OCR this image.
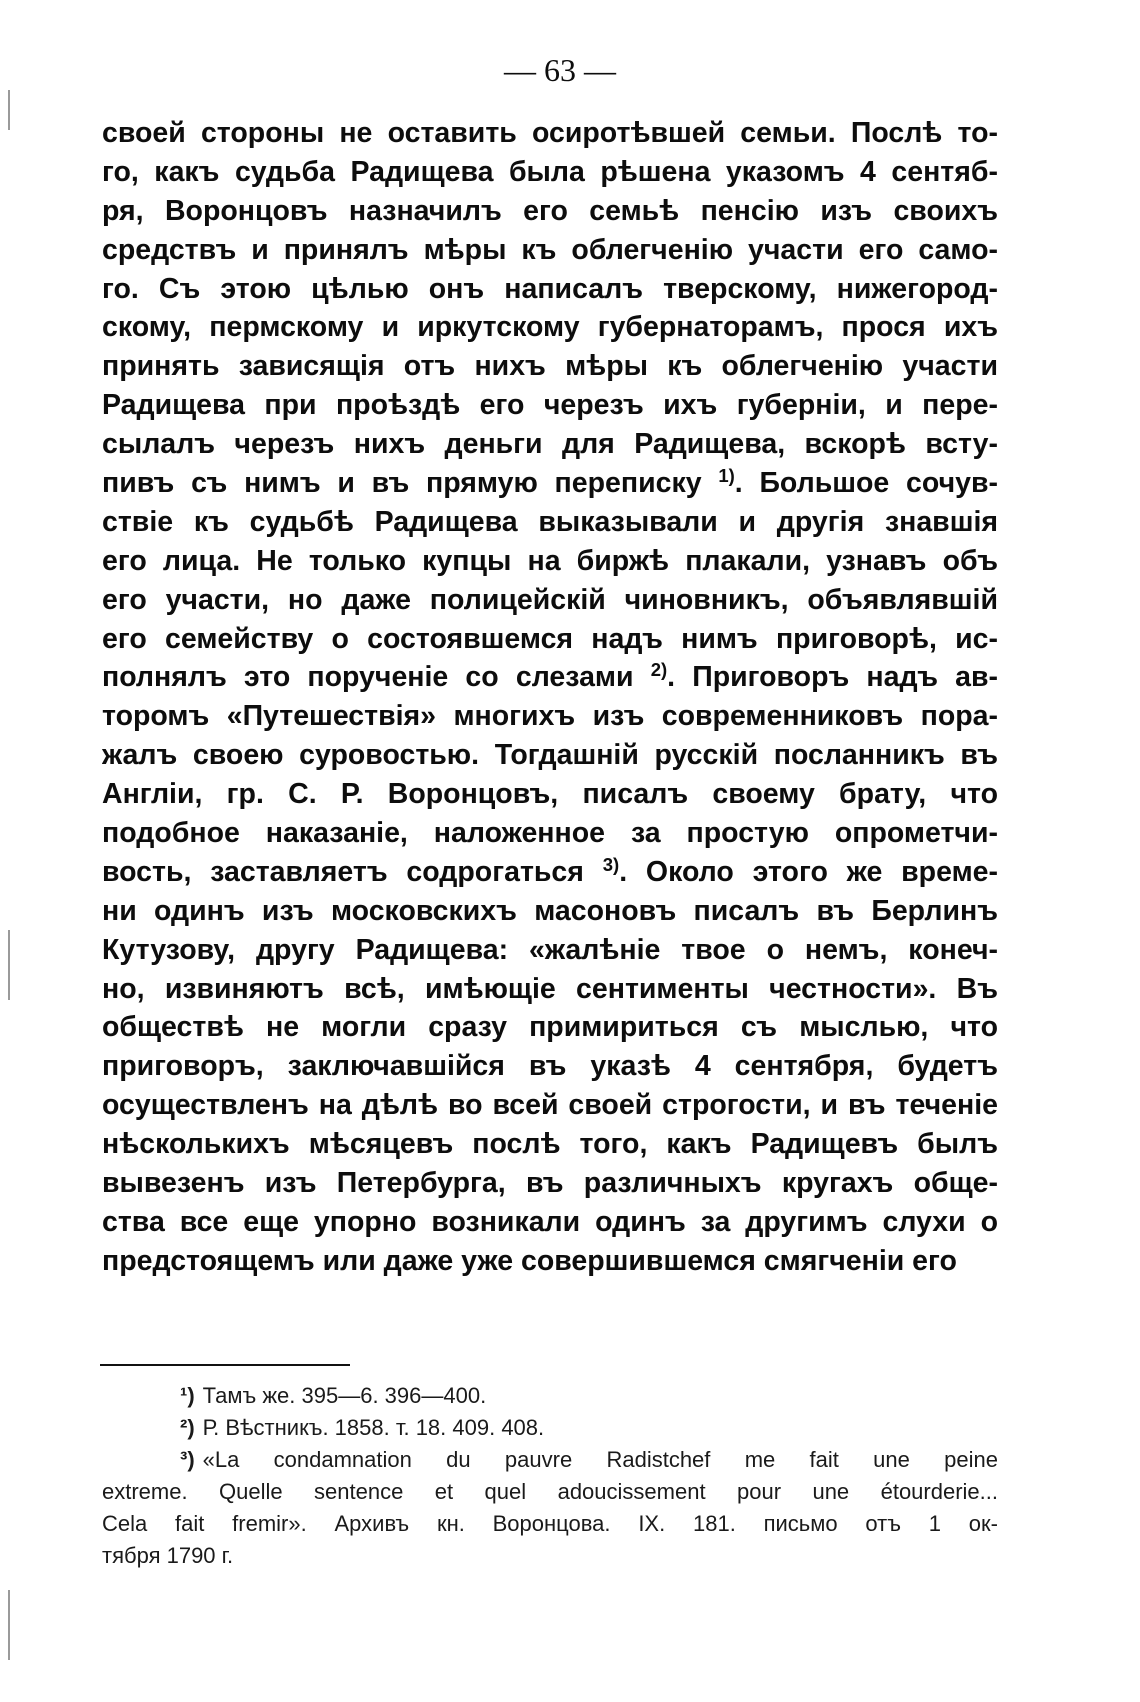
— 63 —
своей стороны не оставить осиротѣвшей семьи. Послѣ то-
го, какъ судьба Радищева была рѣшена указомъ 4 сентяб-
ря, Воронцовъ назначилъ его семьѣ пенсію изъ своихъ
средствъ и принялъ мѣры къ облегченію участи его само-
го. Съ этою цѣлью онъ написалъ тверскому, нижегород-
скому, пермскому и иркутскому губернаторамъ, прося ихъ
принять зависящія отъ нихъ мѣры къ облегченію участи
Радищева при проѣздѣ его черезъ ихъ губерніи, и пере-
сылалъ черезъ нихъ деньги для Радищева, вскорѣ всту-
пивъ съ нимъ и въ прямую переписку $^{1)}$. Большое сочув-
ствіе къ судьбѣ Радищева выказывали и другія знавшія
его лица. Не только купцы на биржѣ плакали, узнавъ объ
его участи, но даже полицейскій чиновникъ, объявлявшій
его семейству о состоявшемся надъ нимъ приговорѣ, ис-
полнялъ это порученіе со слезами $^{2)}$. Приговоръ надъ ав-
торомъ «Путешествія» многихъ изъ современниковъ пора-
жалъ своею суровостью. Тогдашній русскій посланникъ въ
Англіи, гр. С. Р. Воронцовъ, писалъ своему брату, что
подобное наказаніе, наложенное за простую опрометчи-
вость, заставляетъ содрогаться $^{3)}$. Около этого же време-
ни одинъ изъ московскихъ масоновъ писалъ въ Берлинъ
Кутузову, другу Радищева: «жалѣніе твое о немъ, конеч-
но, извиняютъ всѣ, имѣющіе сентименты честности». Въ
обществѣ не могли сразу примириться съ мыслью, что
приговоръ, заключавшійся въ указѣ 4 сентября, будетъ
осуществленъ на дѣлѣ во всей своей строгости, и въ теченіе
нѣсколькихъ мѣсяцевъ послѣ того, какъ Радищевъ былъ
вывезенъ изъ Петербурга, въ различныхъ кругахъ обще-
ства все еще упорно возникали одинъ за другимъ слухи о
предстоящемъ или даже уже совершившемся смягченіи его
¹) Тамъ же. 395—6. 396—400.
²) Р. Вѣстникъ. 1858. т. 18. 409. 408.
³) «La condamnation du pauvre Radistchef me fait une peine
extreme. Quelle sentence et quel adoucissement pour une étourderie...
Cela fait fremir». Архивъ кн. Воронцова. IX. 181. письмо отъ 1 ок-
тября 1790 г.
